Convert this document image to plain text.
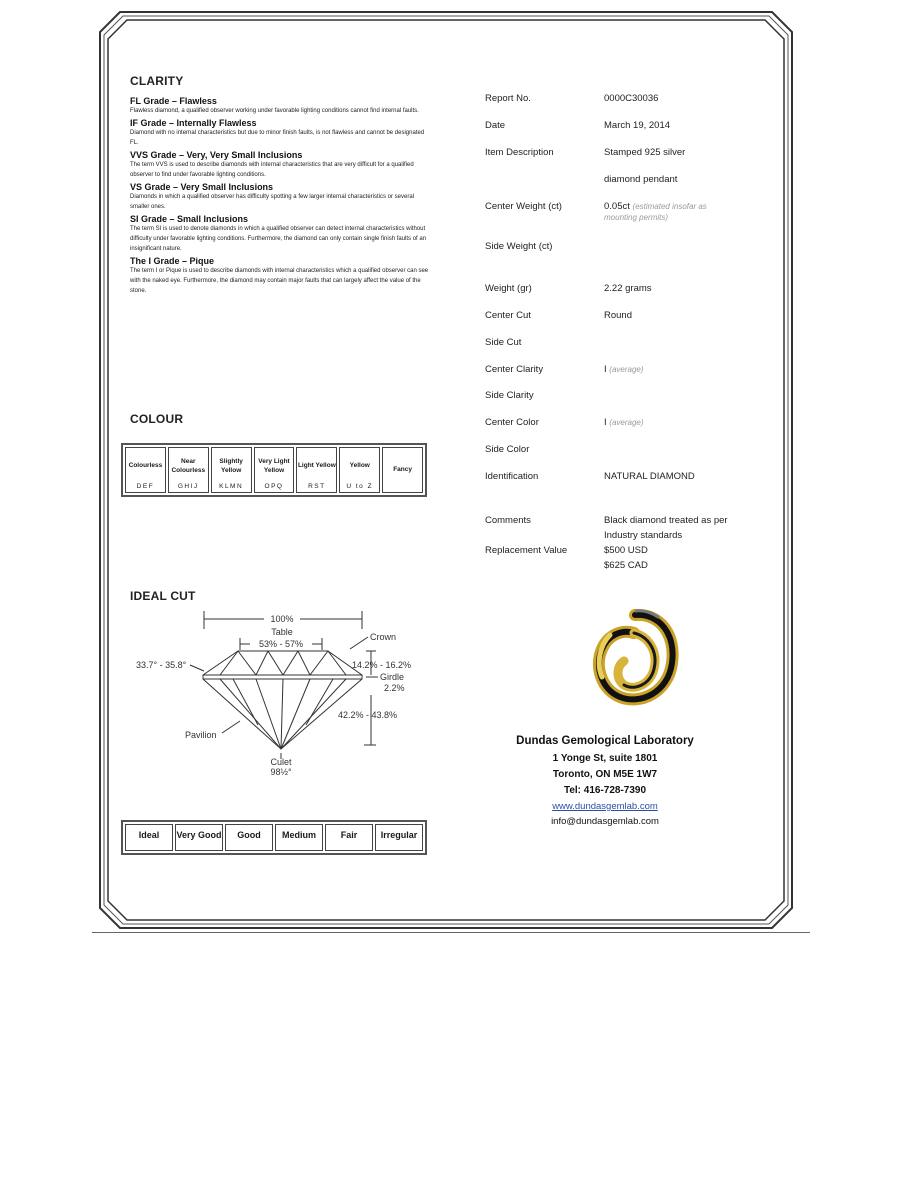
CLARITY
FL Grade – Flawless
Flawless diamond, a qualified observer working under favorable lighting conditions cannot find internal faults.
IF Grade – Internally Flawless
Diamond with no internal characteristics but due to minor finish faults, is not flawless and cannot be designated FL.
VVS Grade – Very, Very Small Inclusions
The term VVS is used to describe diamonds with internal characteristics that are very difficult for a qualified observer to find under favorable lighting conditions.
VS Grade – Very Small Inclusions
Diamonds in which a qualified observer has difficulty spotting a few larger internal characteristics or several smaller ones.
SI Grade – Small Inclusions
The term SI is used to denote diamonds in which a qualified observer can detect internal characteristics without difficulty under favorable lighting conditions. Furthermore, the diamond can only contain single finish faults of an insignificant nature.
The I Grade – Pique
The term I or Pique is used to describe diamonds with internal characteristics which a qualified observer can see with the naked eye. Furthermore, the diamond may contain major faults that can largely affect the value of the stone.
COLOUR
Colourless
DEF
Near Colourless
GHIJ
Slightly Yellow
KLMN
Very Light Yellow
OPQ
Light Yellow
RST
Yellow
U to Z
Fancy
IDEAL CUT
100%
Table
53% - 57%
Crown
33.7° - 35.8°	14.2% - 16.2%
Girdle
2.2%
42.2% - 43.8%
Pavilion
Culet
98½°
Ideal	Very Good	Good	Medium	Fair	Irregular
Report No.	0000C30036
Date	March 19, 2014
Item Description	Stamped 925 silver
diamond pendant
Center Weight (ct)	0.05ct (estimated insofar as mounting permits)
Side Weight (ct)
Weight (gr)	2.22 grams
Center Cut	Round
Side Cut
Center Clarity	I (average)
Side Clarity
Center Color	I (average)
Side Color
Identification	NATURAL DIAMOND
Comments	Black diamond treated as per
Industry standards
Replacement Value	$500 USD
$625 CAD
Dundas Gemological Laboratory
1 Yonge St, suite 1801
Toronto, ON M5E 1W7
Tel: 416-728-7390
www.dundasgemlab.com
info@dundasgemlab.com
